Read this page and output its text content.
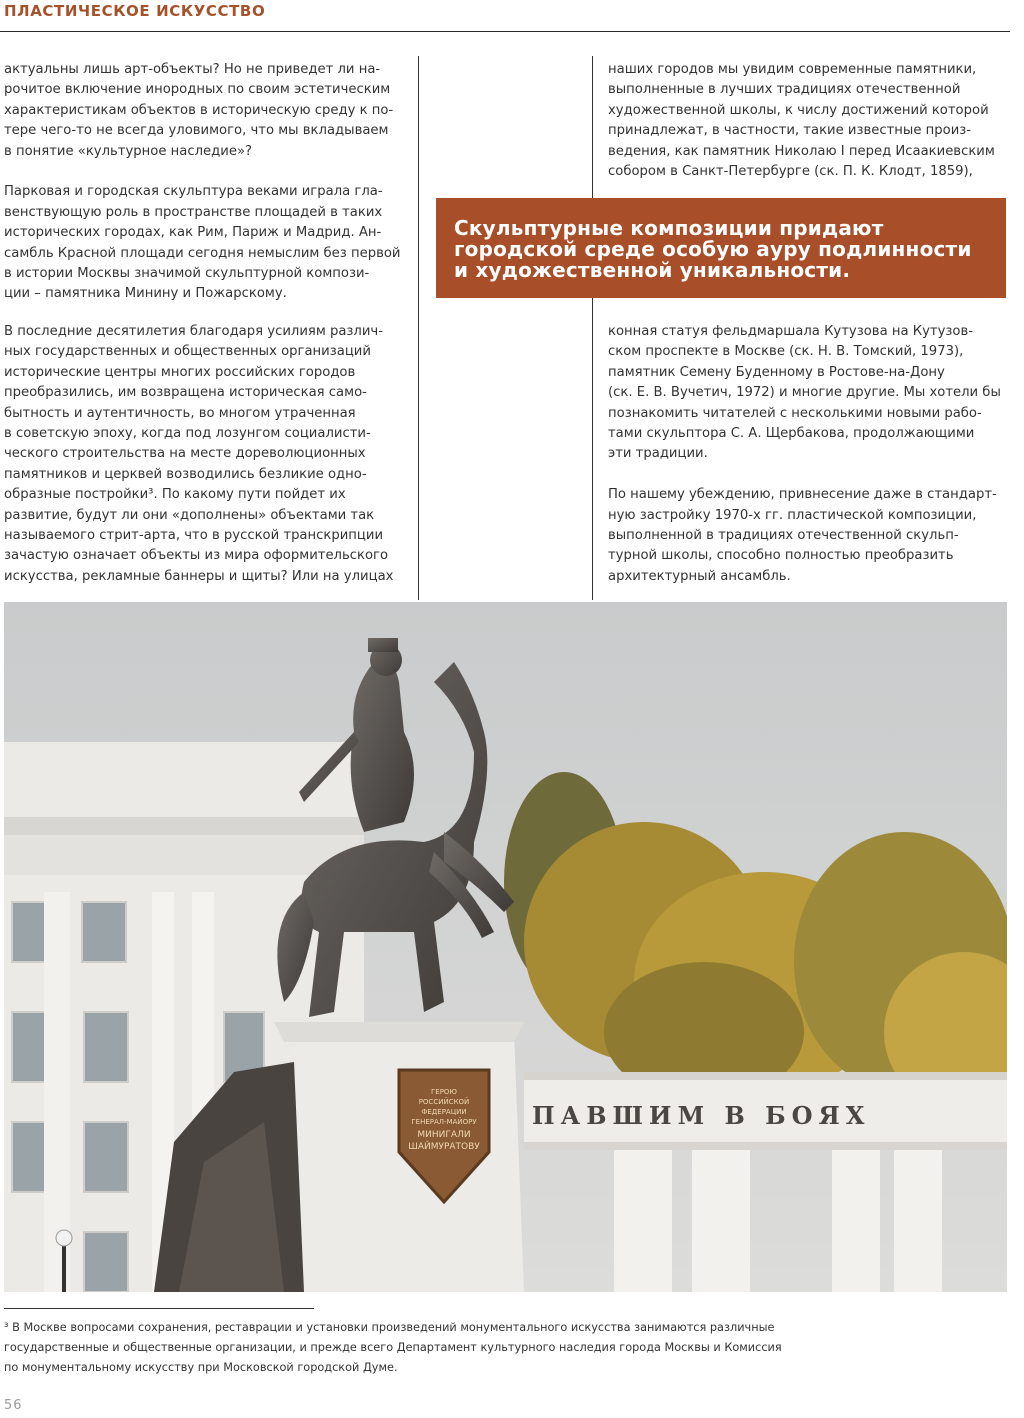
ПЛАСТИЧЕСКОЕ ИСКУССТВО

актуальны лишь арт-объекты? Но не приведет ли на-

рочитое включение инородных по своим эстетическим

характеристикам объектов в историческую среду к по-

тере чего-то не всегда уловимого, что мы вкладываем

в понятие «культурное наследие»?

Парковая и городская скульптура веками играла гла-

венствующую роль в пространстве площадей в таких

исторических городах, как Рим, Париж и Мадрид. Ан-

самбль Красной площади сегодня немыслим без первой

в истории Москвы значимой скульптурной компози-

ции – памятника Минину и Пожарскому.

В последние десятилетия благодаря усилиям различ-

ных государственных и общественных организаций

исторические центры многих российских городов

преобразились, им возвращена историческая само-

бытность и аутентичность, во многом утраченная

в советскую эпоху, когда под лозунгом социалисти-

ческого строительства на месте дореволюционных

памятников и церквей возводились безликие одно-

образные постройки³. По какому пути пойдет их

развитие, будут ли они «дополнены» объектами так

называемого стрит-арта, что в русской транскрипции

зачастую означает объекты из мира оформительского

искусства, рекламные баннеры и щиты? Или на улицах

наших городов мы увидим современные памятники,

выполненные в лучших традициях отечественной

художественной школы, к числу достижений которой

принадлежат, в частности, такие известные произ-

ведения, как памятник Николаю I перед Исаакиевским

собором в Санкт-Петербурге (ск. П. К. Клодт, 1859),

Скульптурные композиции придают
городской среде особую ауру подлинности
и художественной уникальности.

конная статуя фельдмаршала Кутузова на Кутузов-

ском проспекте в Москве (ск. Н. В. Томский, 1973),

памятник Семену Буденному в Ростове-на-Дону

(ск. Е. В. Вучетич, 1972) и многие другие. Мы хотели бы

познакомить читателей с несколькими новыми рабо-

тами скульптора С. А. Щербакова, продолжающими

эти традиции.

По нашему убеждению, привнесение даже в стандарт-

ную застройку 1970-х гг. пластической композиции,

выполненной в традициях отечественной скульп-

турной школы, способно полностью преобразить

архитектурный ансамбль.

ПАВШИМ В БОЯХ
ГЕРОЮ
РОССИЙСКОЙ
ФЕДЕРАЦИИ
ГЕНЕРАЛ-МАЙОРУ
МИНИГАЛИ
ШАЙМУРАТОВУ

³ В Москве вопросами сохранения, реставрации и установки произведений монументального искусства занимаются различные

государственные и общественные организации, и прежде всего Департамент культурного наследия города Москвы и Комиссия

по монументальному искусству при Московской городской Думе.

56
